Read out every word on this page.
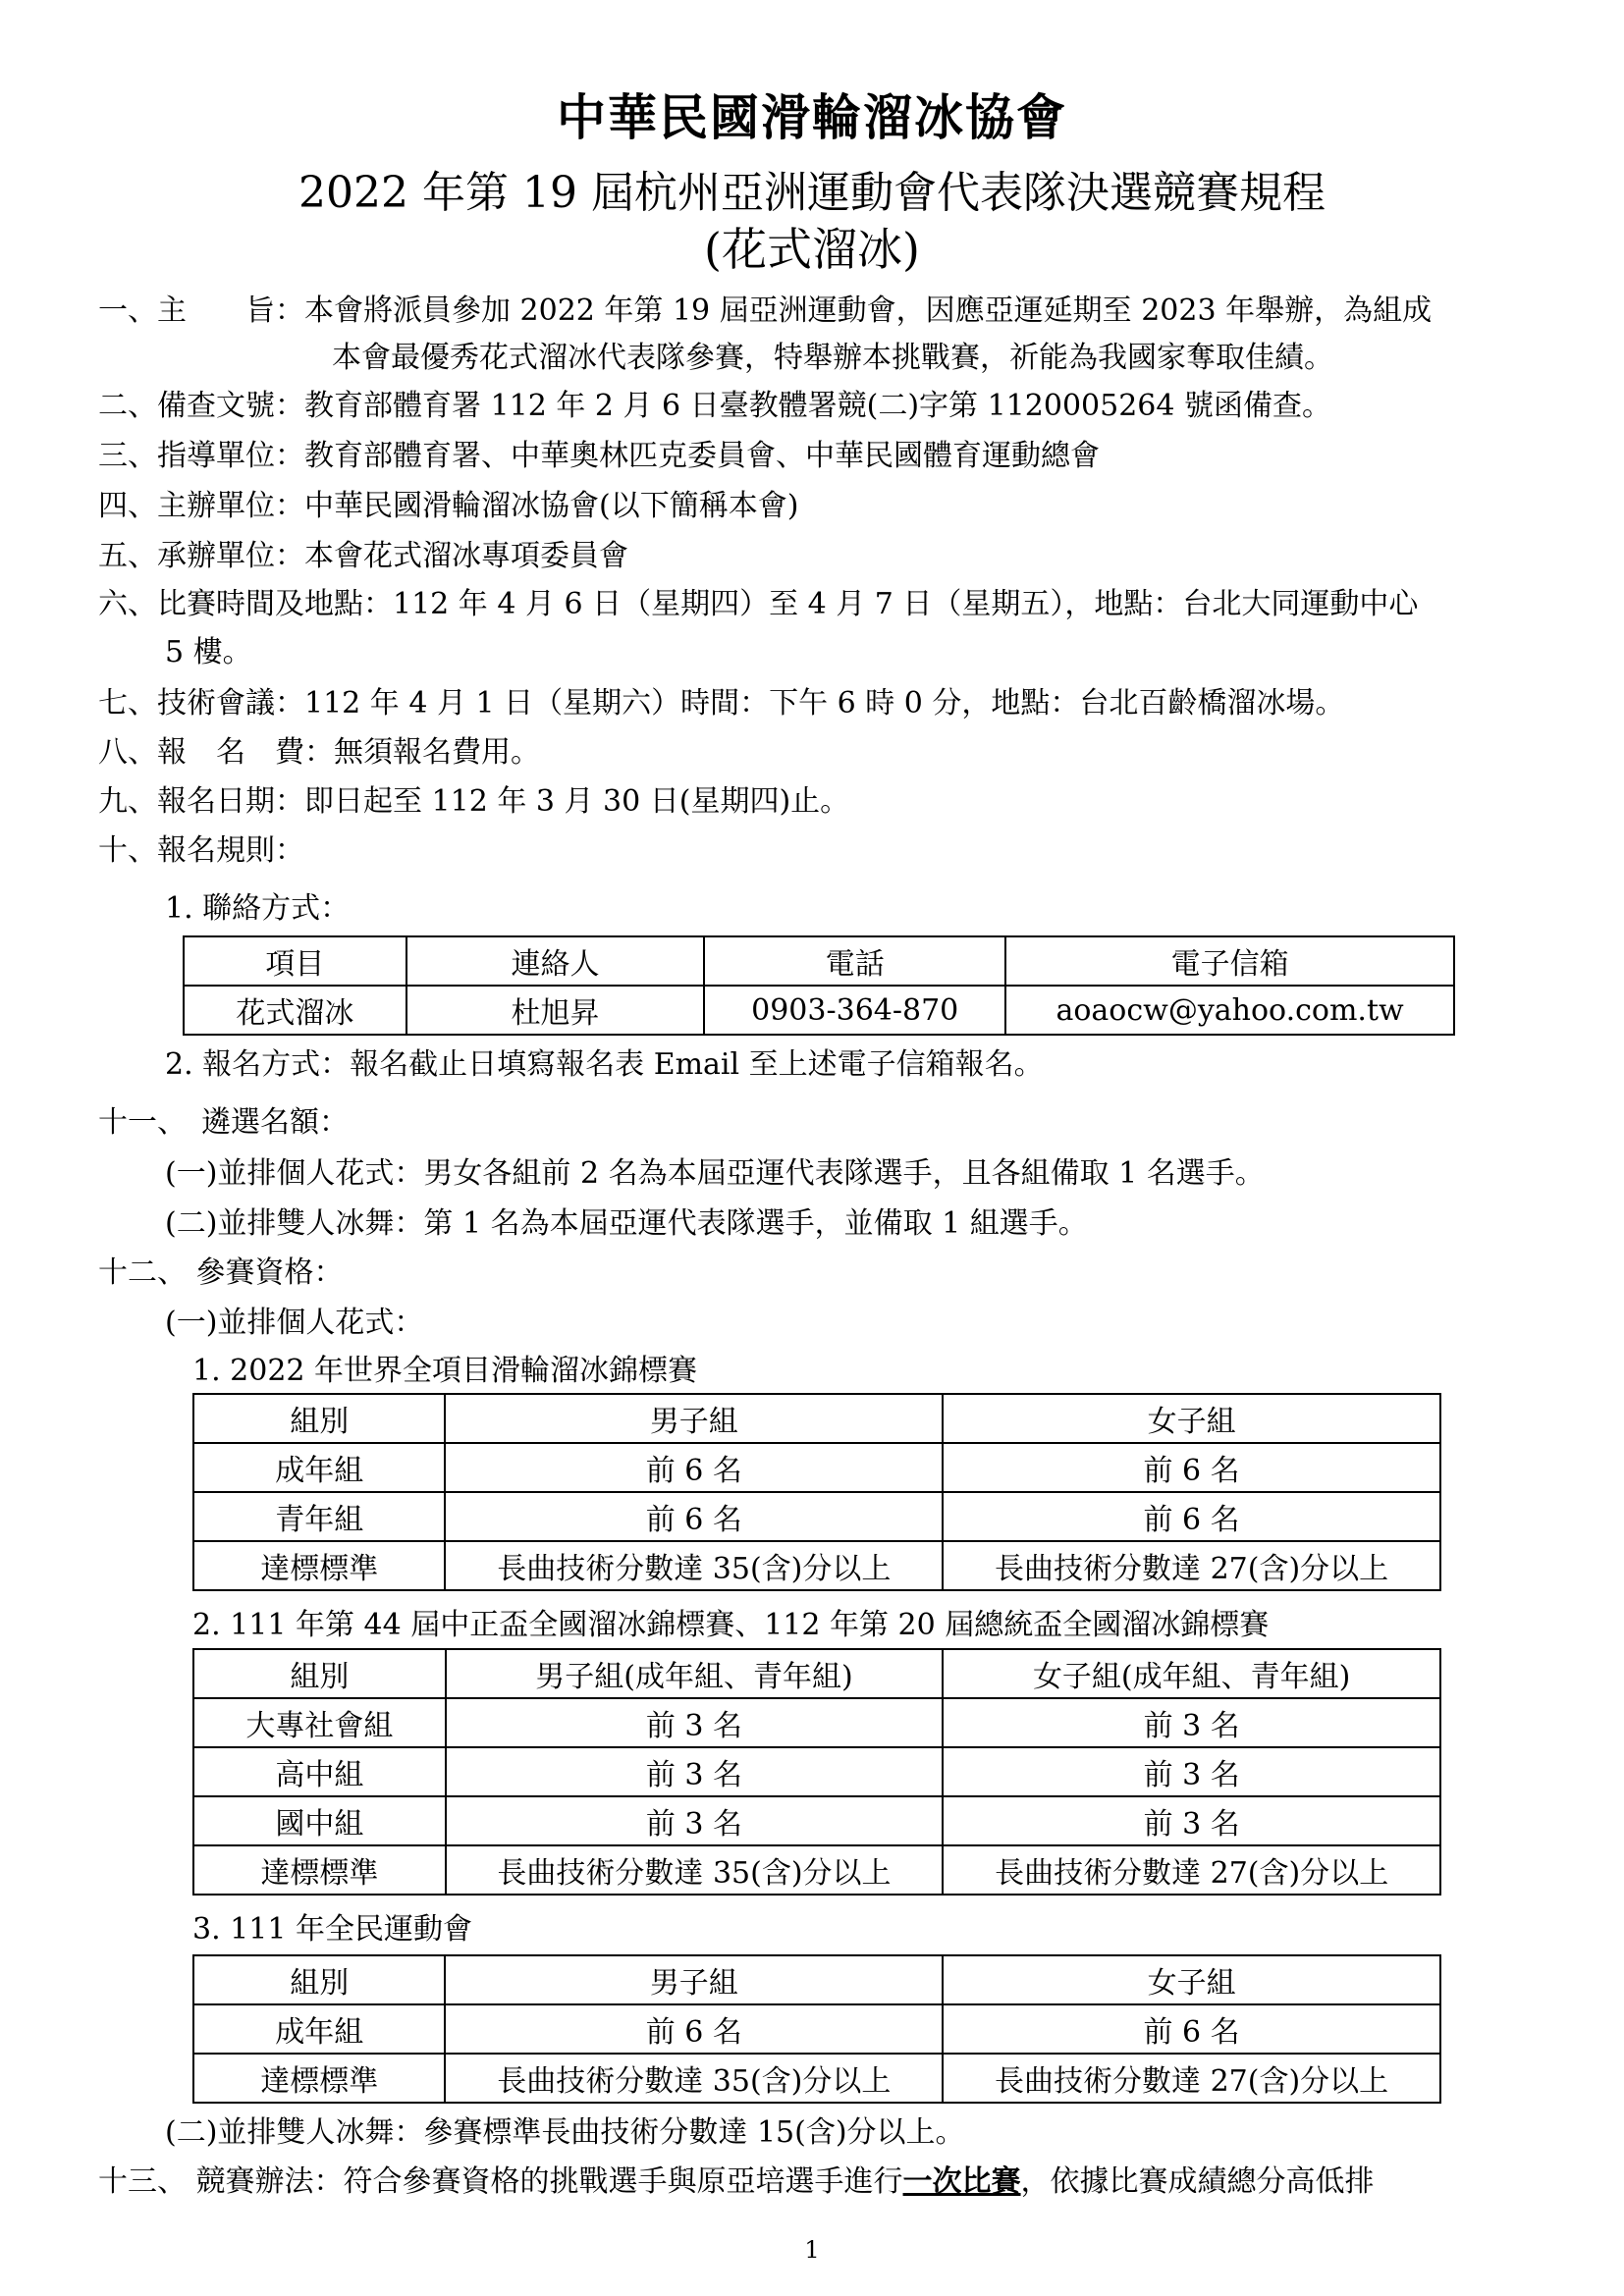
中華民國滑輪溜冰協會
2022 年第 19 屆杭州亞洲運動會代表隊決選競賽規程
(花式溜冰)
一、主　　旨：本會將派員參加 2022 年第 19 屆亞洲運動會，因應亞運延期至 2023 年舉辦，為組成
本會最優秀花式溜冰代表隊參賽，特舉辦本挑戰賽，祈能為我國家奪取佳績。
二、備查文號：教育部體育署 112 年 2 月 6 日臺教體署競(二)字第 1120005264 號函備查。
三、指導單位：教育部體育署、中華奧林匹克委員會、中華民國體育運動總會
四、主辦單位：中華民國滑輪溜冰協會(以下簡稱本會)
五、承辦單位：本會花式溜冰專項委員會
六、比賽時間及地點：112 年 4 月 6 日（星期四）至 4 月 7 日（星期五），地點：台北大同運動中心
5 樓。
七、技術會議：112 年 4 月 1 日（星期六）時間：下午 6 時 0 分，地點：台北百齡橋溜冰場。
八、報　名　費：無須報名費用。
九、報名日期：即日起至 112 年 3 月 30 日(星期四)止。
十、報名規則：
1. 聯絡方式：
項目	連絡人	電話	電子信箱
花式溜冰	杜旭昇	0903-364-870	aoaocw@yahoo.com.tw
2. 報名方式：報名截止日填寫報名表 Email 至上述電子信箱報名。
十一、　遴選名額：
(一)並排個人花式：男女各組前 2 名為本屆亞運代表隊選手，且各組備取 1 名選手。
(二)並排雙人冰舞：第 1 名為本屆亞運代表隊選手，並備取 1 組選手。
十二、 參賽資格：
(一)並排個人花式：
1. 2022 年世界全項目滑輪溜冰錦標賽
組別	男子組	女子組
成年組	前 6 名	前 6 名
青年組	前 6 名	前 6 名
達標標準	長曲技術分數達 35(含)分以上	長曲技術分數達 27(含)分以上
2. 111 年第 44 屆中正盃全國溜冰錦標賽、112 年第 20 屆總統盃全國溜冰錦標賽
組別	男子組(成年組、青年組)	女子組(成年組、青年組)
大專社會組	前 3 名	前 3 名
高中組	前 3 名	前 3 名
國中組	前 3 名	前 3 名
達標標準	長曲技術分數達 35(含)分以上	長曲技術分數達 27(含)分以上
3. 111 年全民運動會
組別	男子組	女子組
成年組	前 6 名	前 6 名
達標標準	長曲技術分數達 35(含)分以上	長曲技術分數達 27(含)分以上
(二)並排雙人冰舞：參賽標準長曲技術分數達 15(含)分以上。
十三、 競賽辦法：符合參賽資格的挑戰選手與原亞培選手進行一次比賽，依據比賽成績總分高低排
1
